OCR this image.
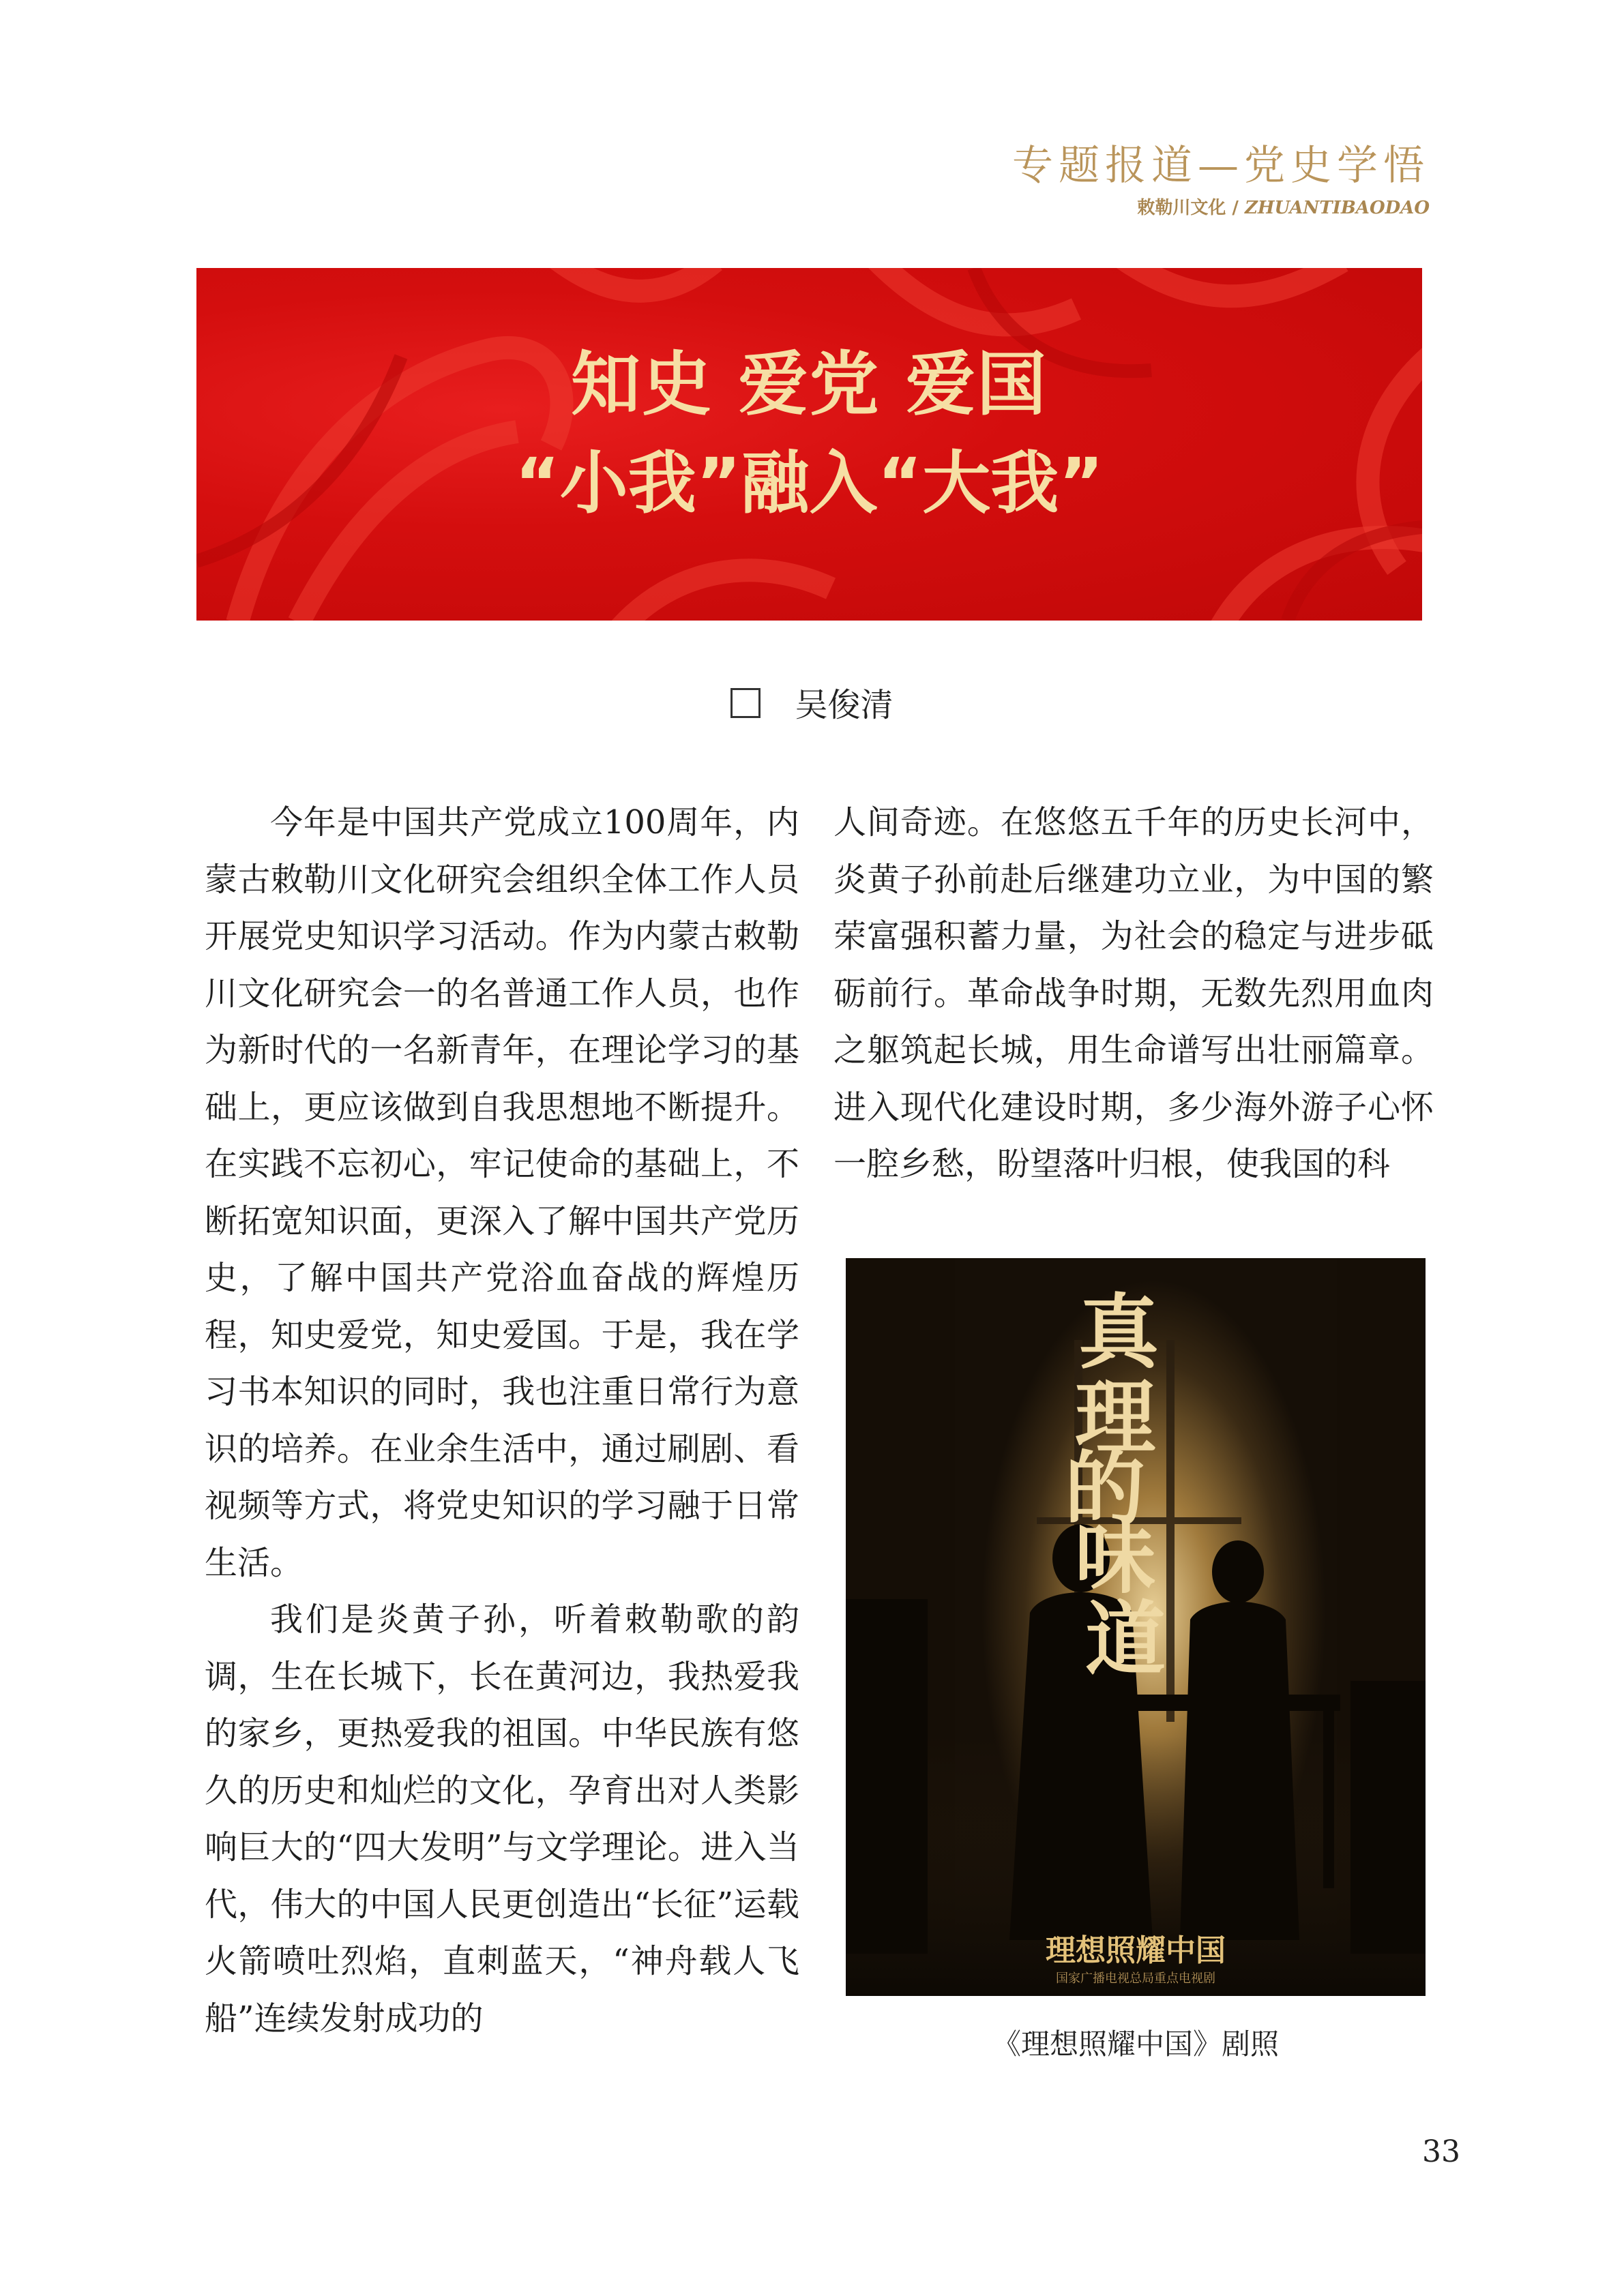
专题报道—党史学悟
敕勒川文化 / ZHUANTIBAODAO
知史 爱党 爱国
“小我”融入“大我”
吴俊清

今年是中国共产党成立100周年，内蒙古敕勒川文化研究会组织全体工作人员开展党史知识学习活动。作为内蒙古敕勒川文化研究会一的名普通工作人员，也作为新时代的一名新青年，在理论学习的基础上，更应该做到自我思想地不断提升。在实践不忘初心，牢记使命的基础上，不断拓宽知识面，更深入了解中国共产党历史，了解中国共产党浴血奋战的辉煌历程，知史爱党，知史爱国。于是，我在学习书本知识的同时，我也注重日常行为意识的培养。在业余生活中，通过刷剧、看视频等方式，将党史知识的学习融于日常生活。

我们是炎黄子孙，听着敕勒歌的韵调，生在长城下，长在黄河边，我热爱我的家乡，更热爱我的祖国。中华民族有悠久的历史和灿烂的文化，孕育出对人类影响巨大的“四大发明”与文学理论。进入当代，伟大的中国人民更创造出“长征”运载火箭喷吐烈焰，直刺蓝天，“神舟载人飞船”连续发射成功的

人间奇迹。在悠悠五千年的历史长河中，炎黄子孙前赴后继建功立业，为中国的繁荣富强积蓄力量，为社会的稳定与进步砥砺前行。革命战争时期，无数先烈用血肉之躯筑起长城，用生命谱写出壮丽篇章。进入现代化建设时期，多少海外游子心怀一腔乡愁，盼望落叶归根，使我国的科

真
理
的
味
道
理想照耀中国
国家广播电视总局重点电视剧
《理想照耀中国》剧照
33
